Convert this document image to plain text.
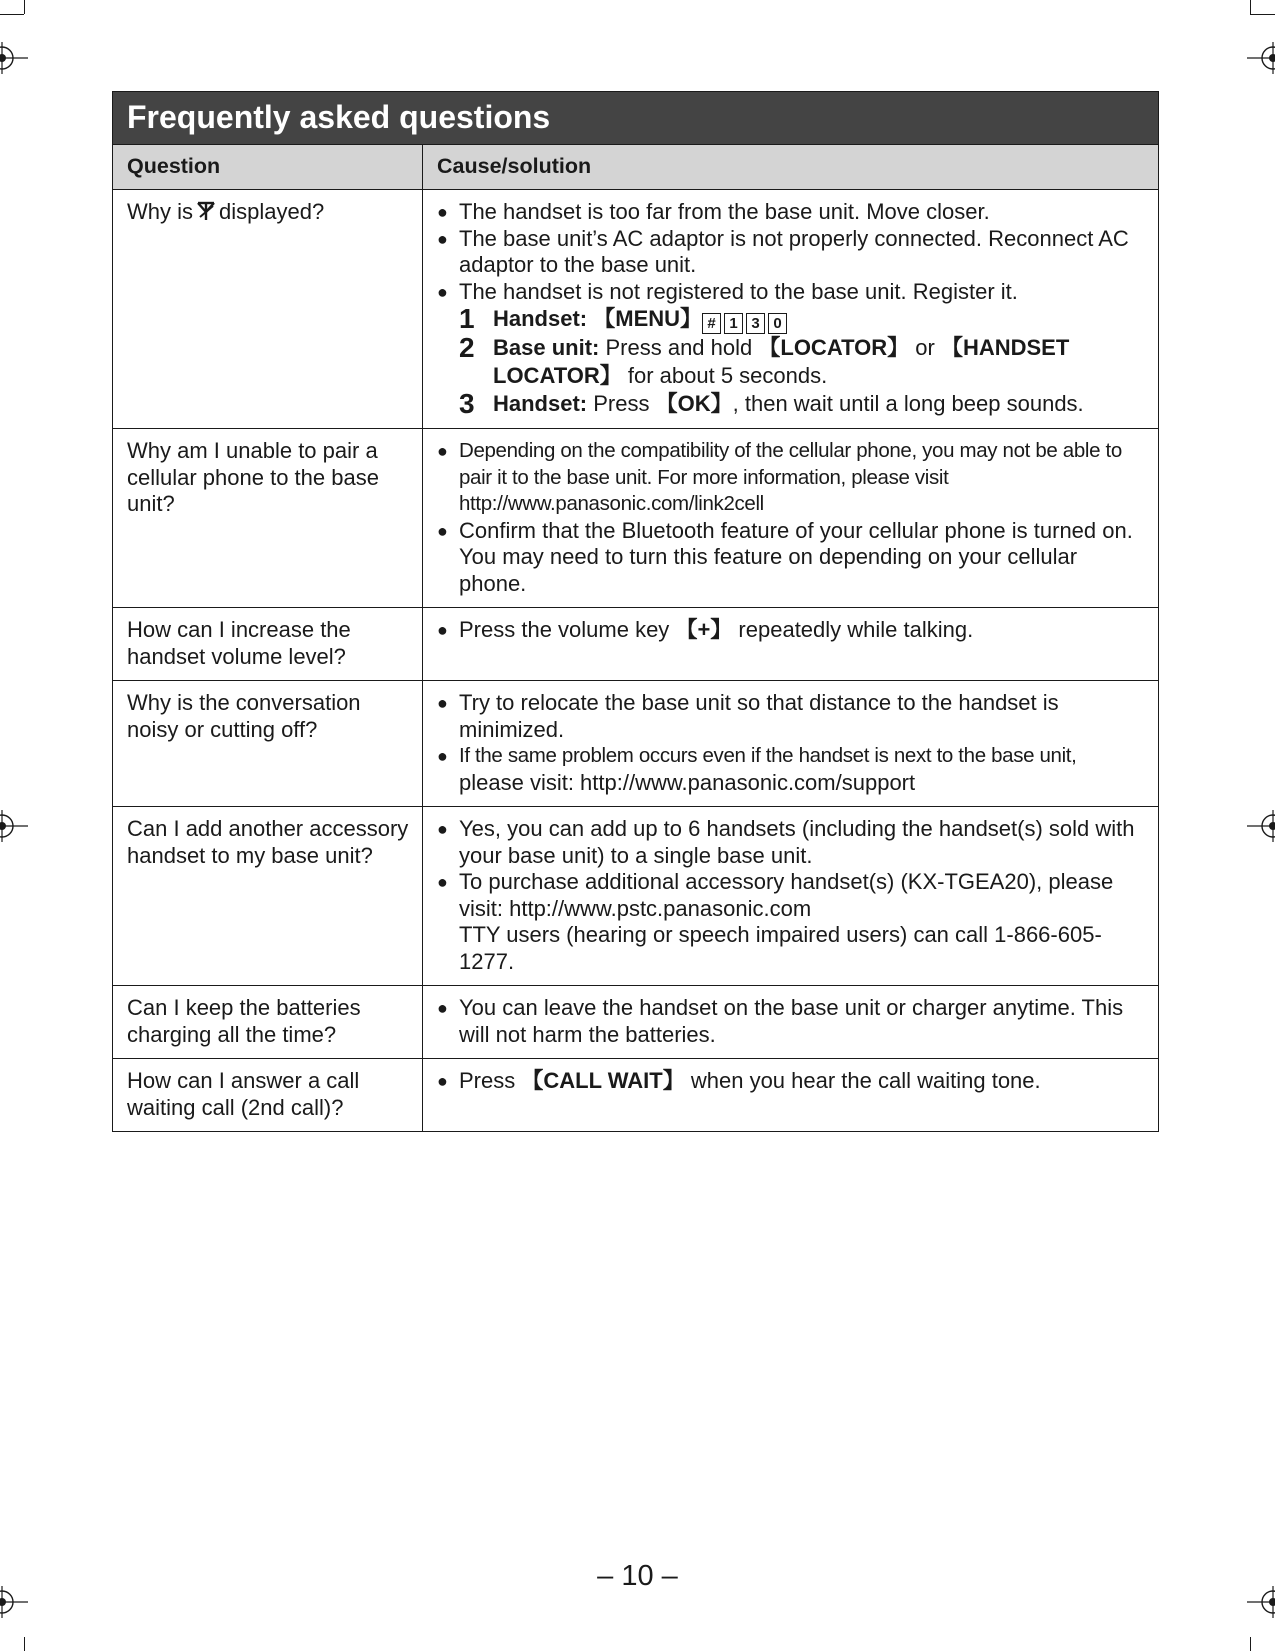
Frequently asked questions
Question	Cause/solution
Why is displayed?	● The handset is too far from the base unit. Move closer.
● The base unit’s AC adaptor is not properly connected. Reconnect AC adaptor to the base unit.
● The handset is not registered to the base unit. Register it.
1 Handset: 【MENU】 # 1 3 0
2 Base unit: Press and hold 【LOCATOR】 or 【HANDSET LOCATOR】 for about 5 seconds.
3 Handset: Press 【OK】, then wait until a long beep sounds.
Why am I unable to pair a cellular phone to the base unit?
● Depending on the compatibility of the cellular phone, you may not be able to pair it to the base unit. For more information, please visit http://www.panasonic.com/link2cell
● Confirm that the Bluetooth feature of your cellular phone is turned on. You may need to turn this feature on depending on your cellular phone.
How can I increase the handset volume level?
● Press the volume key 【+】 repeatedly while talking.
Why is the conversation noisy or cutting off?
● Try to relocate the base unit so that distance to the handset is minimized.
● If the same problem occurs even if the handset is next to the base unit,
please visit: http://www.panasonic.com/support
Can I add another accessory handset to my base unit?
● Yes, you can add up to 6 handsets (including the handset(s) sold with your base unit) to a single base unit.
● To purchase additional accessory handset(s) (KX-TGEA20), please visit: http://www.pstc.panasonic.com
TTY users (hearing or speech impaired users) can call 1-866-605-1277.
Can I keep the batteries charging all the time?
● You can leave the handset on the base unit or charger anytime. This will not harm the batteries.
How can I answer a call waiting call (2nd call)?
● Press 【CALL WAIT】 when you hear the call waiting tone.
– 10 –
